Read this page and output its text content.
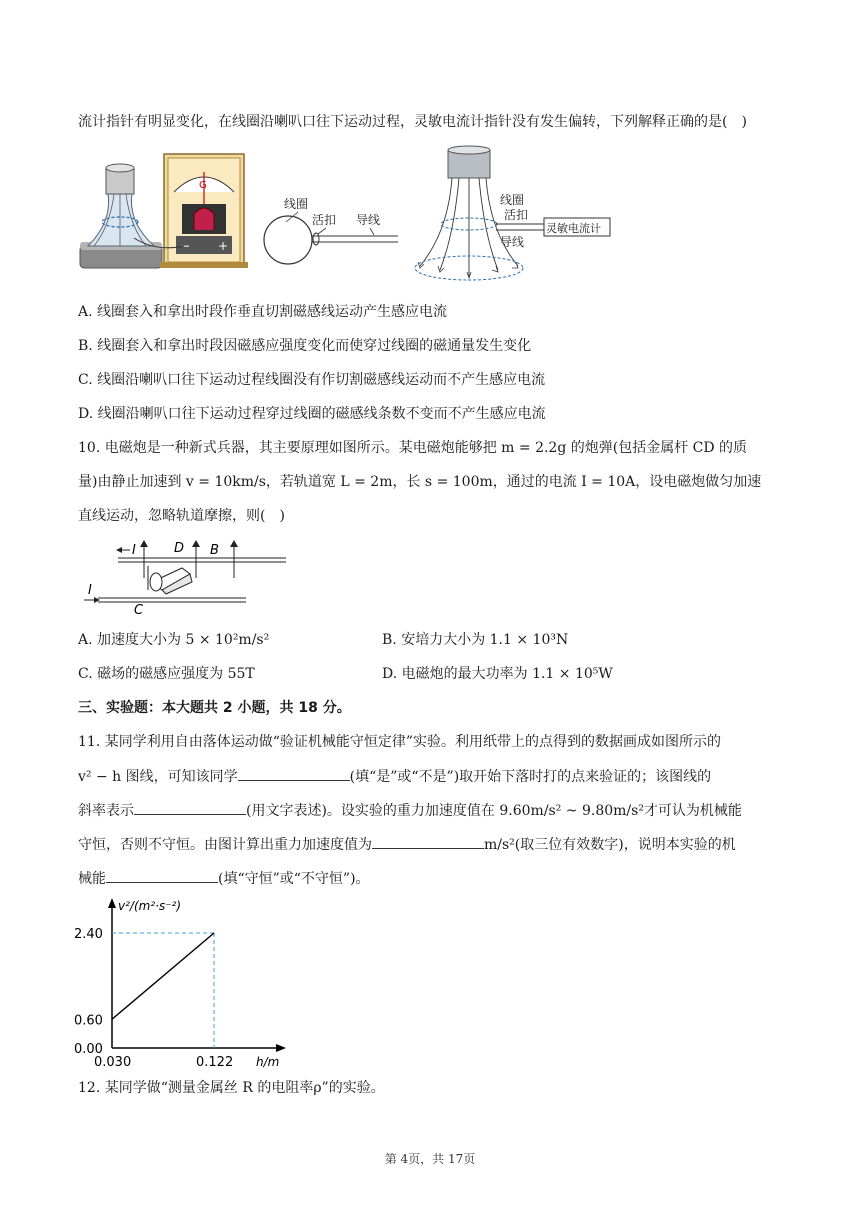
流计指针有明显变化，在线圈沿喇叭口往下运动过程，灵敏电流计指针没有发生偏转，下列解释正确的是(　)
G
− +
线圈
活扣 导线
线圈
活扣
导线
灵敏电流计
A. 线圈套入和拿出时段作垂直切割磁感线运动产生感应电流
B. 线圈套入和拿出时段因磁感应强度变化而使穿过线圈的磁通量发生变化
C. 线圈沿喇叭口往下运动过程线圈没有作切割磁感线运动而不产生感应电流
D. 线圈沿喇叭口往下运动过程穿过线圈的磁感线条数不变而不产生感应电流
10. 电磁炮是一种新式兵器，其主要原理如图所示。某电磁炮能够把 m = 2.2g 的炮弹(包括金属杆 CD 的质
量)由静止加速到 v = 10km/s，若轨道宽 L = 2m，长 s = 100m，通过的电流 I = 10A，设电磁炮做匀加速
直线运动，忽略轨道摩擦，则(　)
I	D B
I
C
A. 加速度大小为 5 × 10²m/s²	B. 安培力大小为 1.1 × 10³N
C. 磁场的磁感应强度为 55T	D. 电磁炮的最大功率为 1.1 × 10⁵W
三、实验题：本大题共 2 小题，共 18 分。
11. 某同学利用自由落体运动做“验证机械能守恒定律”实验。利用纸带上的点得到的数据画成如图所示的
v² − h 图线，可知该同学	(填“是”或“不是”)取开始下落时打的点来验证的；该图线的
斜率表示	(用文字表述)。设实验的重力加速度值在 9.60m/s² ~ 9.80m/s²才可认为机械能
守恒，否则不守恒。由图计算出重力加速度值为	m/s²(取三位有效数字)，说明本实验的机
械能	(填“守恒”或“不守恒”)。
v²/(m²·s⁻²)
h/m
0.00
0.60
2.40
0.030	0.122
12. 某同学做“测量金属丝 R 的电阻率ρ”的实验。
第 4页，共 17页
